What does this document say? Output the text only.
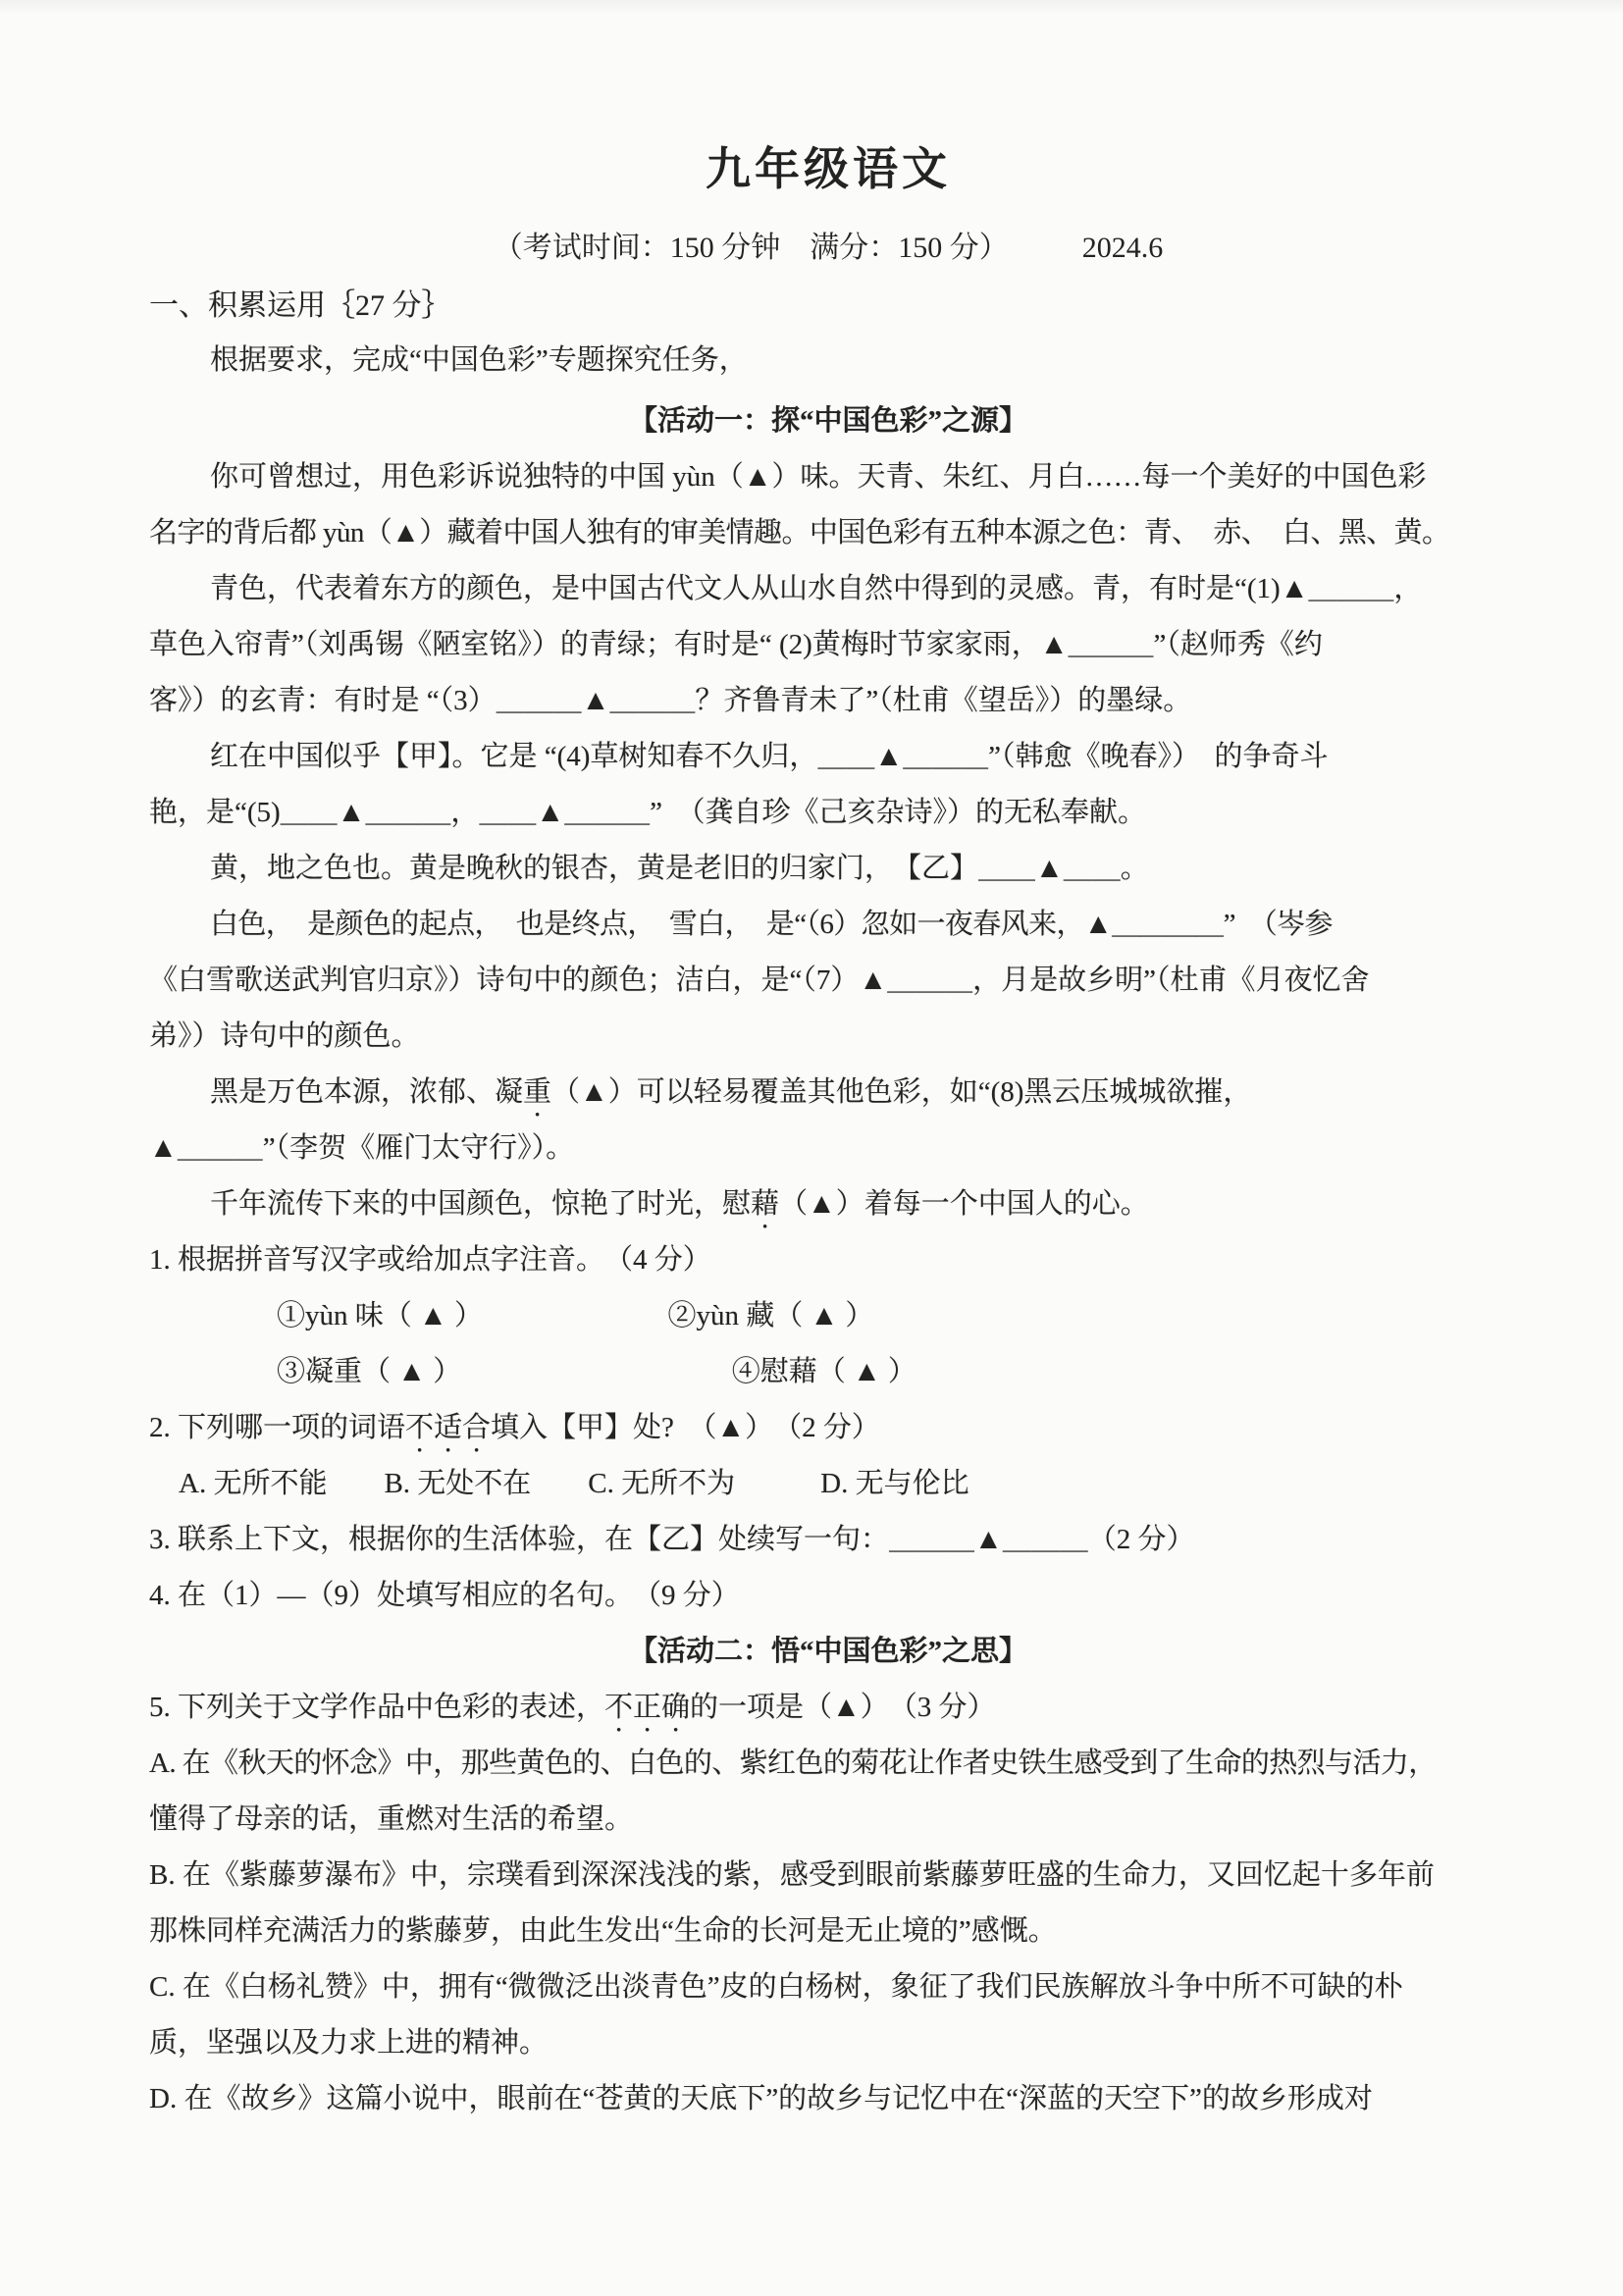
九年级语文
（考试时间：150 分钟　满分：150 分）　　　2024.6
一、积累运用｛27 分｝
根据要求，完成“中国色彩”专题探究任务，
【活动一：探“中国色彩”之源】
你可曾想过，用色彩诉说独特的中国 yùn（▲）味。天青、朱红、月白……每一个美好的中国色彩
名字的背后都 yùn（▲）藏着中国人独有的审美情趣。中国色彩有五种本源之色：青、　赤、　白、黑、黄。
青色，代表着东方的颜色，是中国古代文人从山水自然中得到的灵感。青，有时是“(1)▲＿＿＿，
草色入帘青”（刘禹锡《陋室铭》）的青绿；有时是“ (2)黄梅时节家家雨，▲＿＿＿”（赵师秀《约
客》）的玄青：有时是 “（3）＿＿＿▲＿＿＿？齐鲁青未了”（杜甫《望岳》）的墨绿。
红在中国似乎【甲】。它是 “(4)草树知春不久归，＿＿▲＿＿＿”（韩愈《晚春》）　的争奇斗
艳，是“(5)＿＿▲＿＿＿，＿＿▲＿＿＿”　（龚自珍《己亥杂诗》）的无私奉献。
黄，地之色也。黄是晚秋的银杏，黄是老旧的归家门，　【乙】＿＿▲＿＿。
白色，　是颜色的起点，　也是终点，　雪白，　是“（6）忽如一夜春风来，▲＿＿＿＿”　（岑参
《白雪歌送武判官归京》）诗句中的颜色；洁白，是“（7）▲＿＿＿，月是故乡明”（杜甫《月夜忆舍
弟》）诗句中的颜色。
黑是万色本源，浓郁、凝重（▲）可以轻易覆盖其他色彩，如“(8)黑云压城城欲摧，
▲＿＿＿”（李贺《雁门太守行》）。
千年流传下来的中国颜色，惊艳了时光，慰藉（▲）着每一个中国人的心。
1. 根据拼音写汉字或给加点字注音。　（4 分）
①yùn 味（ ▲ ）　　　　　　　②yùn 藏（ ▲ ）
③凝重（ ▲ ）　　　　　　　　　　④慰藉（ ▲ ）
2. 下列哪一项的词语不适合填入【甲】处?　（▲）　（2 分）
A. 无所不能　　B. 无处不在　　C. 无所不为　　　D. 无与伦比
3. 联系上下文，根据你的生活体验，在【乙】处续写一句：＿＿＿▲＿＿＿（2 分）
4. 在（1）—（9）处填写相应的名句。　（9 分）
【活动二：悟“中国色彩”之思】
5. 下列关于文学作品中色彩的表述，不正确的一项是（▲）　（3 分）
A. 在《秋天的怀念》中，那些黄色的、白色的、紫红色的菊花让作者史铁生感受到了生命的热烈与活力，
懂得了母亲的话，重燃对生活的希望。
B. 在《紫藤萝瀑布》中，宗璞看到深深浅浅的紫，感受到眼前紫藤萝旺盛的生命力，又回忆起十多年前
那株同样充满活力的紫藤萝，由此生发出“生命的长河是无止境的”感慨。
C. 在《白杨礼赞》中，拥有“微微泛出淡青色”皮的白杨树，象征了我们民族解放斗争中所不可缺的朴
质，坚强以及力求上进的精神。
D. 在《故乡》这篇小说中，眼前在“苍黄的天底下”的故乡与记忆中在“深蓝的天空下”的故乡形成对
